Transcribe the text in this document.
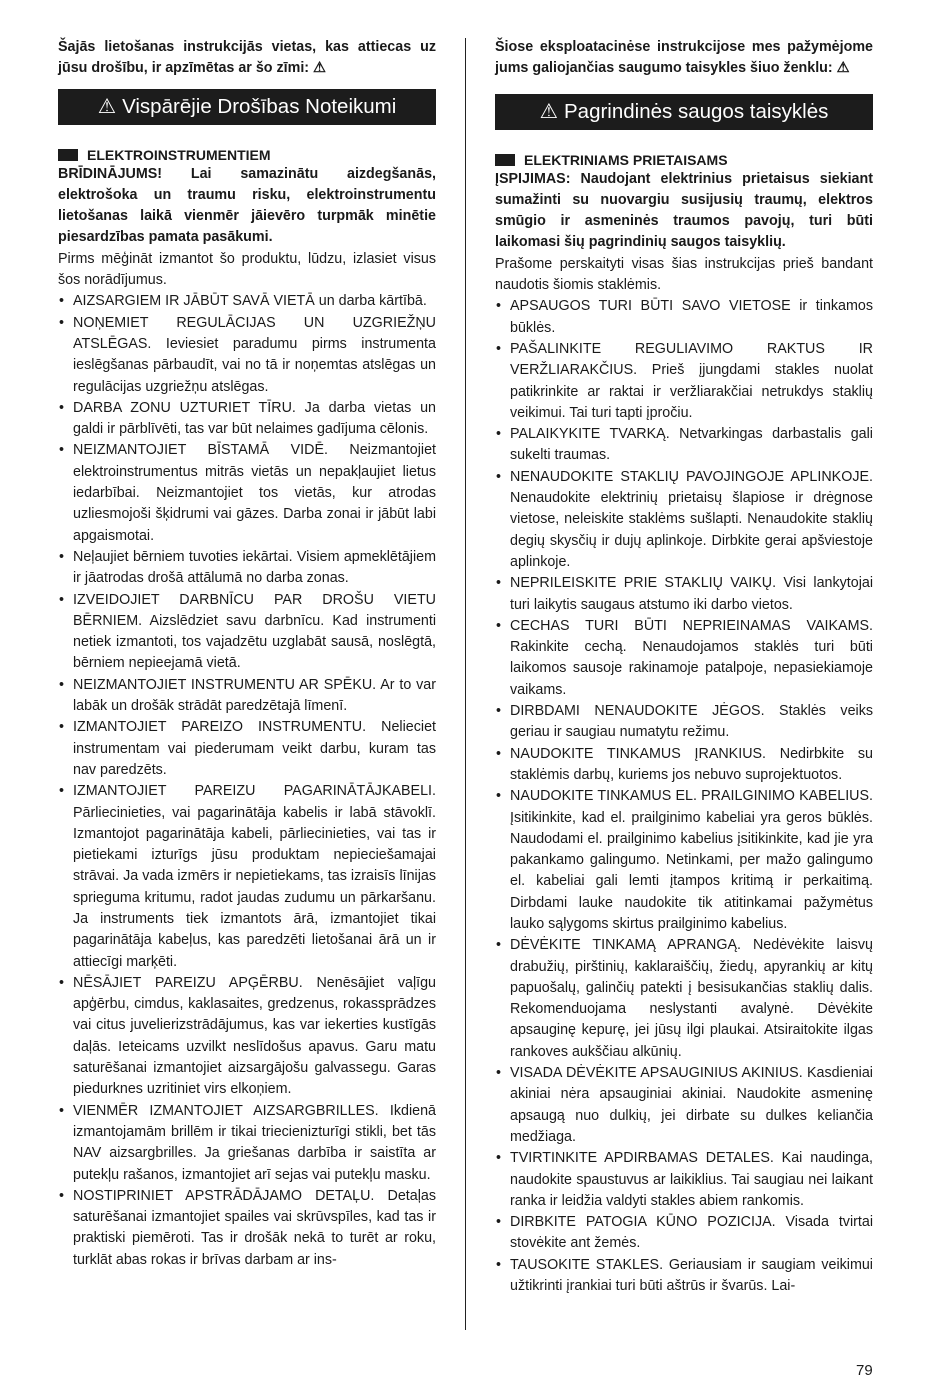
Šajās lietošanas instrukcijās vietas, kas attiecas uz jūsu drošību, ir apzīmētas ar šo zīmi: ⚠
⚠ Vispārējie Drošības Noteikumi
ELEKTROINSTRUMENTIEM
BRĪDINĀJUMS! Lai samazinātu aizdegšanās, elektrošoka un traumu risku, elektroinstrumentu lietošanas laikā vienmēr jāievēro turpmāk minētie piesardzības pamata pasākumi.
Pirms mēģināt izmantot šo produktu, lūdzu, izlasiet visus šos norādījumus.
• AIZSARGIEM IR JĀBŪT SAVĀ VIETĀ un darba kārtībā.
• NOŅEMIET REGULĀCIJAS UN UZGRIEŽŅU ATSLĒGAS. Ieviesiet paradumu pirms instrumenta ieslēgšanas pārbaudīt, vai no tā ir noņemtas atslēgas un regulācijas uzgriežņu atslēgas.
• DARBA ZONU UZTURIET TĪRU. Ja darba vietas un galdi ir pārblīvēti, tas var būt nelaimes gadījuma cēlonis.
• NEIZMANTOJIET BĪSTAMĀ VIDĒ. Neizmantojiet elektroinstrumentus mitrās vietās un nepakļaujiet lietus iedarbībai. Neizmantojiet tos vietās, kur atrodas uzliesmojoši šķidrumi vai gāzes. Darba zonai ir jābūt labi apgaismotai.
• Neļaujiet bērniem tuvoties iekārtai. Visiem apmeklētājiem ir jāatrodas drošā attālumā no darba zonas.
• IZVEIDOJIET DARBNĪCU PAR DROŠU VIETU BĒRNIEM. Aizslēdziet savu darbnīcu. Kad instrumenti netiek izmantoti, tos vajadzētu uzglabāt sausā, noslēgtā, bērniem nepieejamā vietā.
• NEIZMANTOJIET INSTRUMENTU AR SPĒKU. Ar to var labāk un drošāk strādāt paredzētajā līmenī.
• IZMANTOJIET PAREIZO INSTRUMENTU. Nelieciet instrumentam vai piederumam veikt darbu, kuram tas nav paredzēts.
• IZMANTOJIET PAREIZU PAGARINĀTĀJKABELI. Pārliecinieties, vai pagarinātāja kabelis ir labā stāvoklī. Izmantojot pagarinātāja kabeli, pārliecinieties, vai tas ir pietiekami izturīgs jūsu produktam nepieciešamajai strāvai. Ja vada izmērs ir nepietiekams, tas izraisīs līnijas sprieguma kritumu, radot jaudas zudumu un pārkaršanu. Ja instruments tiek izmantots ārā, izmantojiet tikai pagarinātāja kabeļus, kas paredzēti lietošanai ārā un ir attiecīgi marķēti.
• NĒSĀJIET PAREIZU APĢĒRBU. Nenēsājiet vaļīgu apģērbu, cimdus, kaklasaites, gredzenus, rokassprādzes vai citus juvelierizstrādājumus, kas var iekerties kustīgās daļās. Ieteicams uzvilkt neslīdošus apavus. Garu matu saturēšanai izmantojiet aizsargājošu galvassegu. Garas piedurknes uzritiniet virs elkoņiem.
• VIENMĒR IZMANTOJIET AIZSARGBRILLES. Ikdienā izmantojamām brillēm ir tikai triecienizturīgi stikli, bet tās NAV aizsargbrilles. Ja griešanas darbība ir saistīta ar putekļu rašanos, izmantojiet arī sejas vai putekļu masku.
• NOSTIPRINIET APSTRĀDĀJAMO DETAĻU. Detaļas saturēšanai izmantojiet spailes vai skrūvspīles, kad tas ir praktiski piemēroti. Tas ir drošāk nekā to turēt ar roku, turklāt abas rokas ir brīvas darbam ar ins-
Šiose eksploatacinėse instrukcijose mes pažymėjome jums galiojančias saugumo taisykles šiuo ženklu: ⚠
⚠ Pagrindinės saugos taisyklės
ELEKTRINIAMS PRIETAISAMS
ĮSPIJIMAS: Naudojant elektrinius prietaisus siekiant sumažinti su nuovargiu susijusių traumų, elektros smūgio ir asmeninės traumos pavojų, turi būti laikomasi šių pagrindinių saugos taisyklių.
Prašome perskaityti visas šias instrukcijas prieš bandant naudotis šiomis staklėmis.
• APSAUGOS TURI BŪTI SAVO VIETOSE ir tinkamos būklės.
• PAŠALINKITE REGULIAVIMO RAKTUS IR VERŽLIARAKČIUS. Prieš įjungdami stakles nuolat patikrinkite ar raktai ir veržliarakčiai netrukdys staklių veikimui. Tai turi tapti įpročiu.
• PALAIKYKITE TVARKĄ. Netvarkingas darbastalis gali sukelti traumas.
• NENAUDOKITE STAKLIŲ PAVOJINGOJE APLINKOJE. Nenaudokite elektrinių prietaisų šlapiose ir drėgnose vietose, neleiskite staklėms sušlapti. Nenaudokite staklių degių skysčių ir dujų aplinkoje. Dirbkite gerai apšviestoje aplinkoje.
• NEPRILEISKITE PRIE STAKLIŲ VAIKŲ. Visi lankytojai turi laikytis saugaus atstumo iki darbo vietos.
• CECHAS TURI BŪTI NEPRIEINAMAS VAIKAMS. Rakinkite cechą. Nenaudojamos staklės turi būti laikomos sausoje rakinamoje patalpoje, nepasiekiamoje vaikams.
• DIRBDAMI NENAUDOKITE JĖGOS. Staklės veiks geriau ir saugiau numatytu režimu.
• NAUDOKITE TINKAMUS ĮRANKIUS. Nedirbkite su staklėmis darbų, kuriems jos nebuvo suprojektuotos.
• NAUDOKITE TINKAMUS EL. PRAILGINIMO KABELIUS. Įsitikinkite, kad el. prailginimo kabeliai yra geros būklės. Naudodami el. prailginimo kabelius įsitikinkite, kad jie yra pakankamo galingumo. Netinkami, per mažo galingumo el. kabeliai gali lemti įtampos kritimą ir perkaitimą. Dirbdami lauke naudokite tik atitinkamai pažymėtus lauko sąlygoms skirtus prailginimo kabelius.
• DĖVĖKITE TINKAMĄ APRANGĄ. Nedėvėkite laisvų drabužių, pirštinių, kaklaraiščių, žiedų, apyrankių ar kitų papuošalų, galinčių patekti į besisukančias staklių dalis. Rekomenduojama neslystanti avalynė. Dėvėkite apsauginę kepurę, jei jūsų ilgi plaukai. Atsiraitokite ilgas rankoves aukščiau alkūnių.
• VISADA DĖVĖKITE APSAUGINIUS AKINIUS. Kasdieniai akiniai nėra apsauginiai akiniai. Naudokite asmeninę apsaugą nuo dulkių, jei dirbate su dulkes keliančia medžiaga.
• TVIRTINKITE APDIRBAMAS DETALES. Kai naudinga, naudokite spaustuvus ar laikiklius. Tai saugiau nei laikant ranka ir leidžia valdyti stakles abiem rankomis.
• DIRBKITE PATOGIA KŪNO POZICIJA. Visada tvirtai stovėkite ant žemės.
• TAUSOKITE STAKLES. Geriausiam ir saugiam veikimui užtikrinti įrankiai turi būti aštrūs ir švarūs. Lai-
79
